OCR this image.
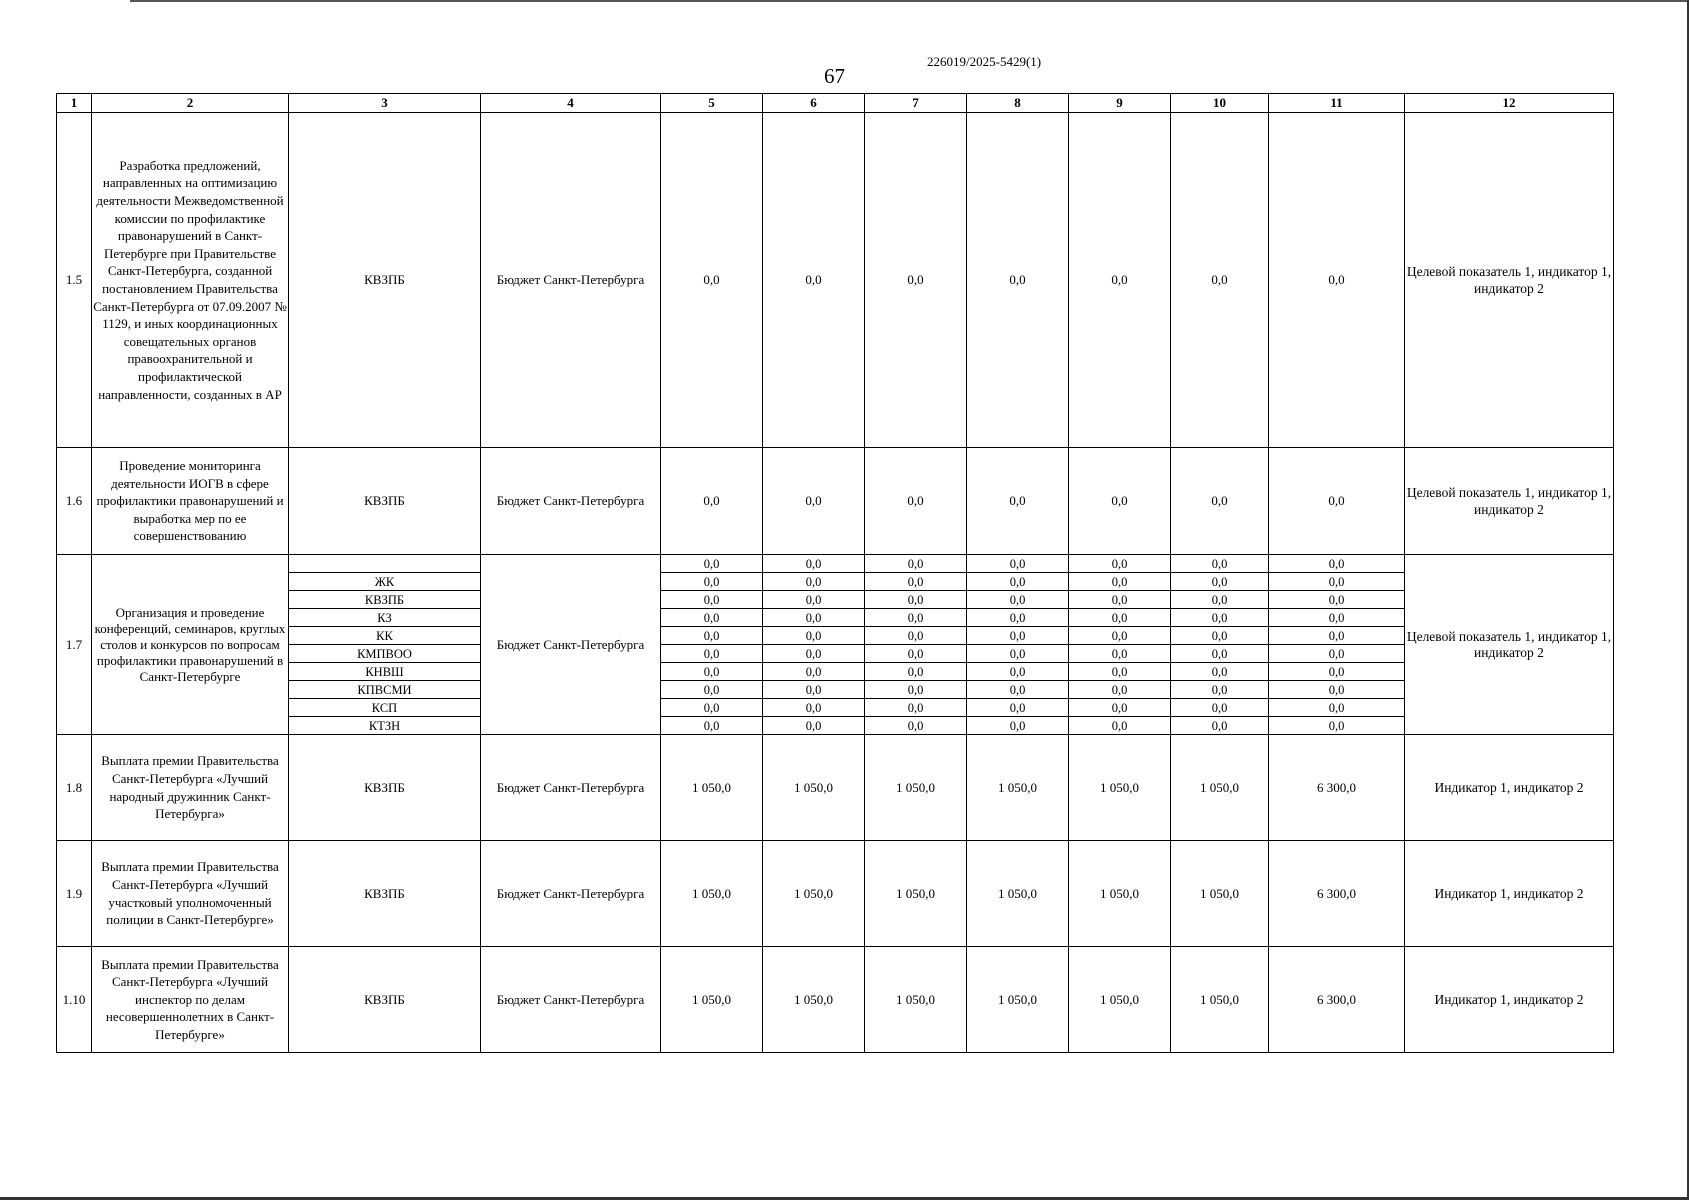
67
226019/2025-5429(1)
1	2	3	4	5	6	7	8	9	10	11	12
1.5	Разработка предложений, направленных на оптимизацию деятельности Межведомственной комиссии по профилактике правонарушений в Санкт-Петербурге при Правительстве Санкт-Петербурга, созданной постановлением Правительства Санкт-Петербурга от 07.09.2007 № 1129, и иных координационных совещательных органов правоохранительной и профилактической направленности, созданных в АР	КВЗПБ	Бюджет Санкт-Петербурга	0,0	0,0	0,0	0,0	0,0	0,0	0,0	Целевой показатель 1, индикатор 1, индикатор 2
1.6	Проведение мониторинга деятельности ИОГВ в сфере профилактики правонарушений и выработка мер по ее совершенствованию	КВЗПБ	Бюджет Санкт-Петербурга	0,0	0,0	0,0	0,0	0,0	0,0	0,0	Целевой показатель 1, индикатор 1, индикатор 2
1.7	Организация и проведение конференций, семинаров, круглых столов и конкурсов по вопросам профилактики правонарушений в Санкт-Петербурге		Бюджет Санкт-Петербурга	0,0	0,0	0,0	0,0	0,0	0,0	0,0	Целевой показатель 1, индикатор 1, индикатор 2
		ЖК		0,0	0,0	0,0	0,0	0,0	0,0	0,0	
		КВЗПБ		0,0	0,0	0,0	0,0	0,0	0,0	0,0	
		КЗ		0,0	0,0	0,0	0,0	0,0	0,0	0,0	
		КК		0,0	0,0	0,0	0,0	0,0	0,0	0,0	
		КМПВОО		0,0	0,0	0,0	0,0	0,0	0,0	0,0	
		КНВШ		0,0	0,0	0,0	0,0	0,0	0,0	0,0	
		КПВСМИ		0,0	0,0	0,0	0,0	0,0	0,0	0,0	
		КСП		0,0	0,0	0,0	0,0	0,0	0,0	0,0	
		КТЗН		0,0	0,0	0,0	0,0	0,0	0,0	0,0	
1.8	Выплата премии Правительства Санкт-Петербурга «Лучший народный дружинник Санкт-Петербурга»	КВЗПБ	Бюджет Санкт-Петербурга	1 050,0	1 050,0	1 050,0	1 050,0	1 050,0	1 050,0	6 300,0	Индикатор 1, индикатор 2
1.9	Выплата премии Правительства Санкт-Петербурга «Лучший участковый уполномоченный полиции в Санкт-Петербурге»	КВЗПБ	Бюджет Санкт-Петербурга	1 050,0	1 050,0	1 050,0	1 050,0	1 050,0	1 050,0	6 300,0	Индикатор 1, индикатор 2
1.10	Выплата премии Правительства Санкт-Петербурга «Лучший инспектор по делам несовершеннолетних в Санкт-Петербурге»	КВЗПБ	Бюджет Санкт-Петербурга	1 050,0	1 050,0	1 050,0	1 050,0	1 050,0	1 050,0	6 300,0	Индикатор 1, индикатор 2
